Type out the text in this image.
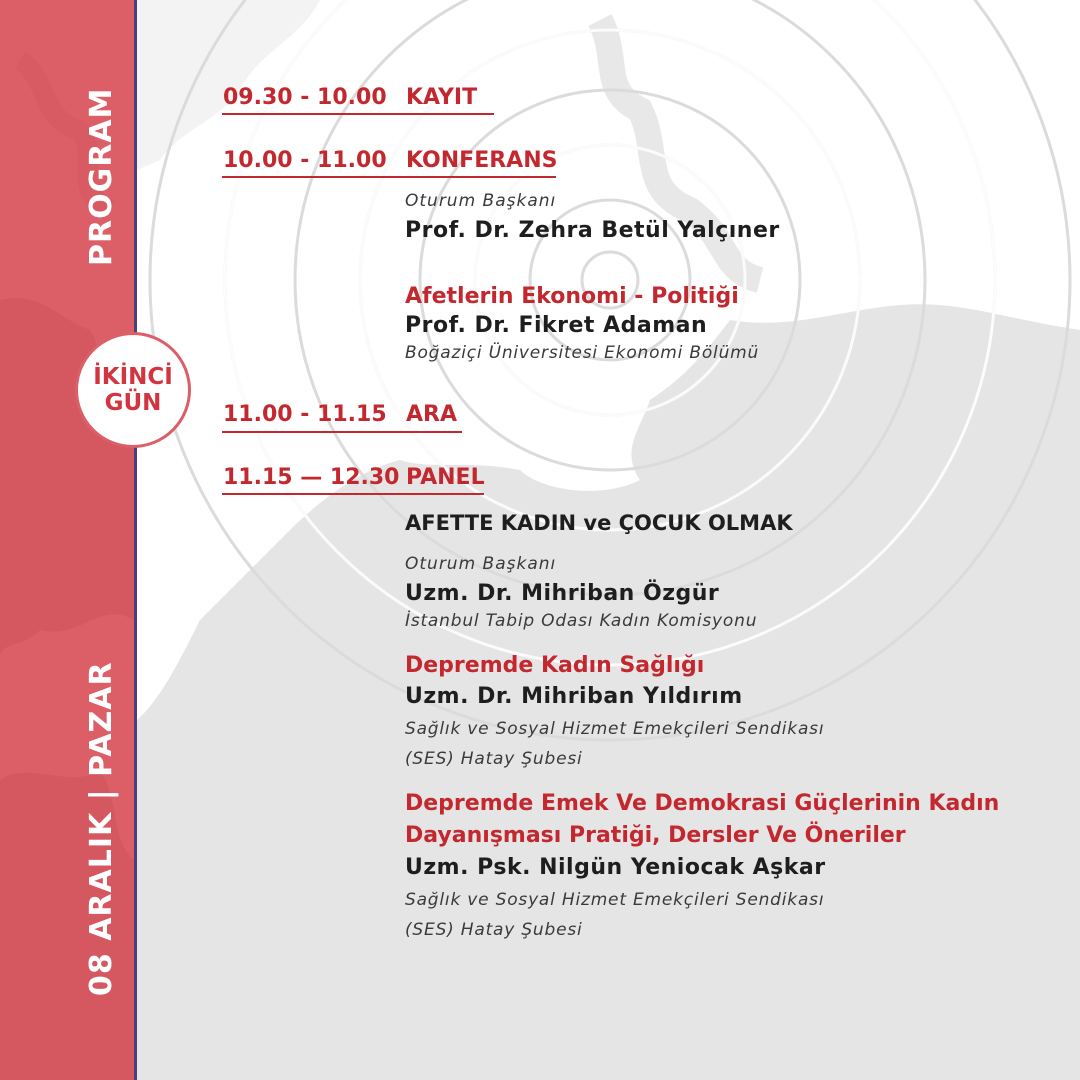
PROGRAM
08 ARALIK | PAZAR
İKİNCİ
GÜN
09.30 - 10.00 KAYIT
10.00 - 11.00 KONFERANS
Oturum Başkanı
Prof. Dr. Zehra Betül Yalçıner
Afetlerin Ekonomi - Politiği
Prof. Dr. Fikret Adaman
Boğaziçi Üniversitesi Ekonomi Bölümü
11.00 - 11.15 ARA
11.15 — 12.30 PANEL
AFETTE KADIN ve ÇOCUK OLMAK
Oturum Başkanı
Uzm. Dr. Mihriban Özgür
İstanbul Tabip Odası Kadın Komisyonu
Depremde Kadın Sağlığı
Uzm. Dr. Mihriban Yıldırım
Sağlık ve Sosyal Hizmet Emekçileri Sendikası
(SES) Hatay Şubesi
Depremde Emek Ve Demokrasi Güçlerinin Kadın
Dayanışması Pratiği, Dersler Ve Öneriler
Uzm. Psk. Nilgün Yeniocak Aşkar
Sağlık ve Sosyal Hizmet Emekçileri Sendikası
(SES) Hatay Şubesi
